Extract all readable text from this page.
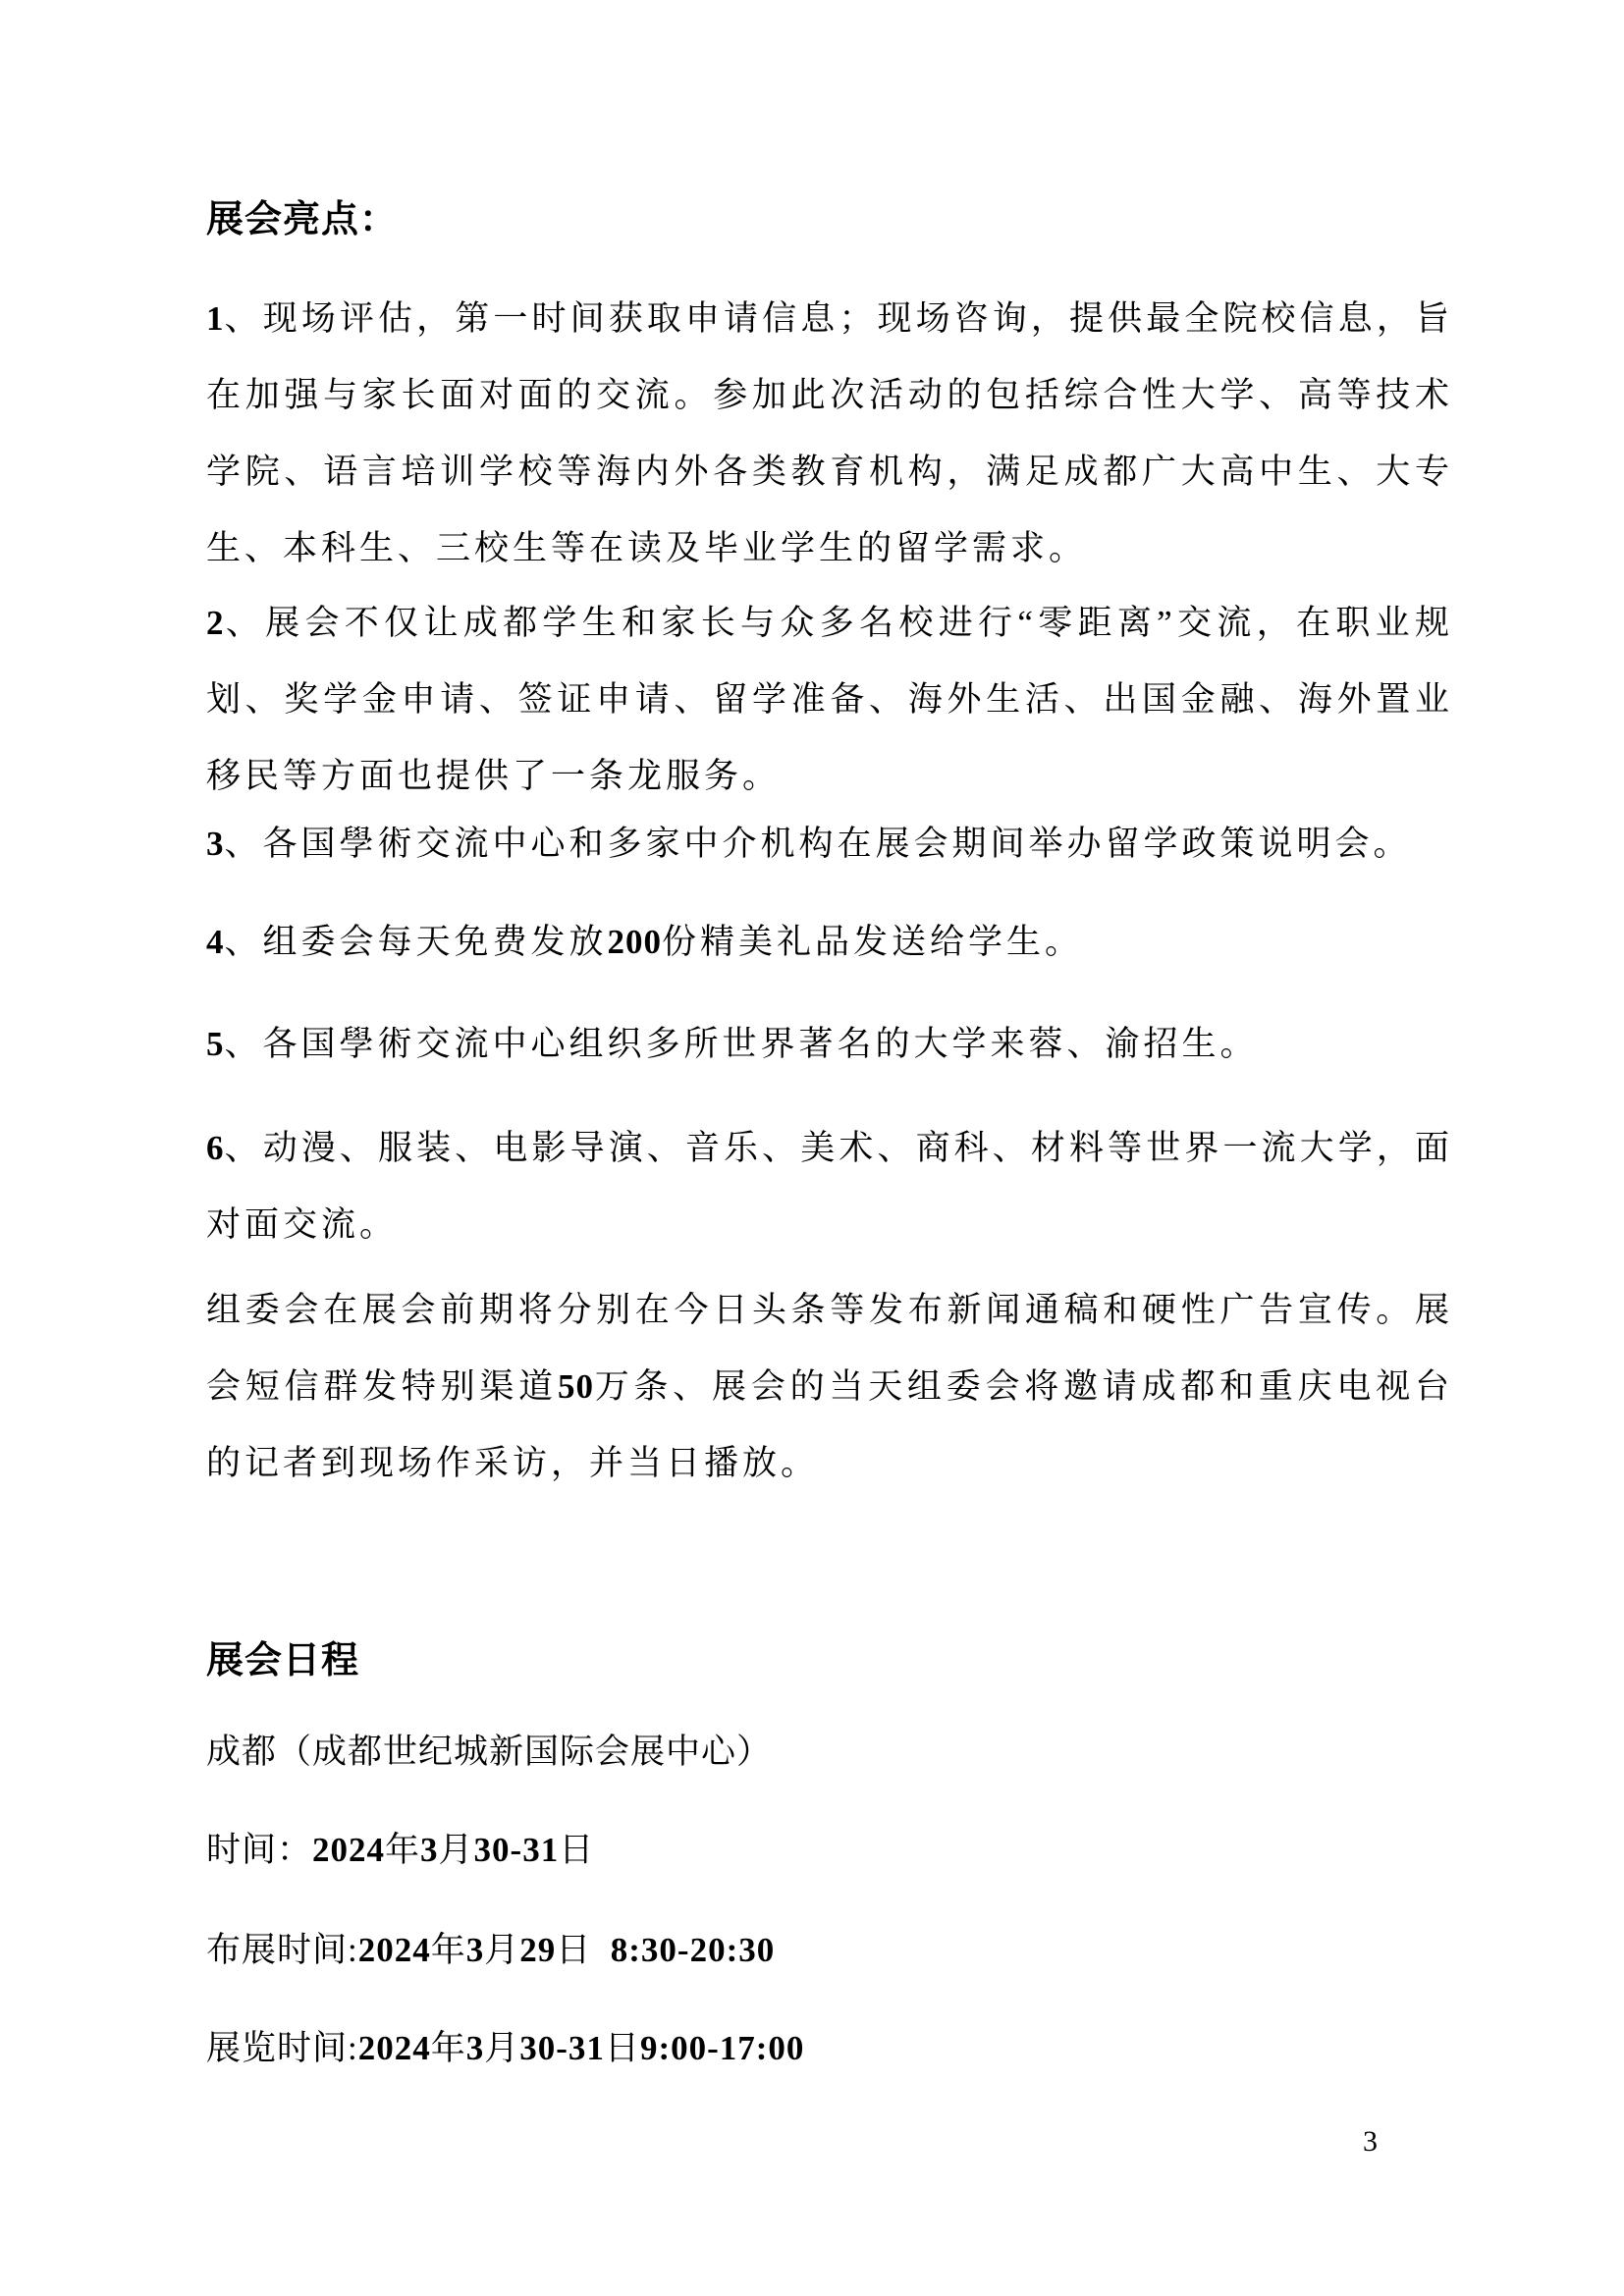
展会亮点：

1、现场评估，第一时间获取申请信息；现场咨询，提供最全院校信息，旨在加强与家长面对面的交流。参加此次活动的包括综合性大学、高等技术学院、语言培训学校等海内外各类教育机构，满足成都广大高中生、大专生、本科生、三校生等在读及毕业学生的留学需求。

2、展会不仅让成都学生和家长与众多名校进行“零距离”交流，在职业规划、奖学金申请、签证申请、留学准备、海外生活、出国金融、海外置业移民等方面也提供了一条龙服务。

3、各国學術交流中心和多家中介机构在展会期间举办留学政策说明会。

4、组委会每天免费发放200份精美礼品发送给学生。

5、各国學術交流中心组织多所世界著名的大学来蓉、渝招生。

6、动漫、服装、电影导演、音乐、美术、商科、材料等世界一流大学，面对面交流。

组委会在展会前期将分别在今日头条等发布新闻通稿和硬性广告宣传。展会短信群发特别渠道50万条、展会的当天组委会将邀请成都和重庆电视台的记者到现场作采访，并当日播放。

展会日程

成都（成都世纪城新国际会展中心）

时间：2024年3月30-31日

布展时间:2024年3月29日  8:30-20:30

展览时间:2024年3月30-31日9:00-17:00

3
